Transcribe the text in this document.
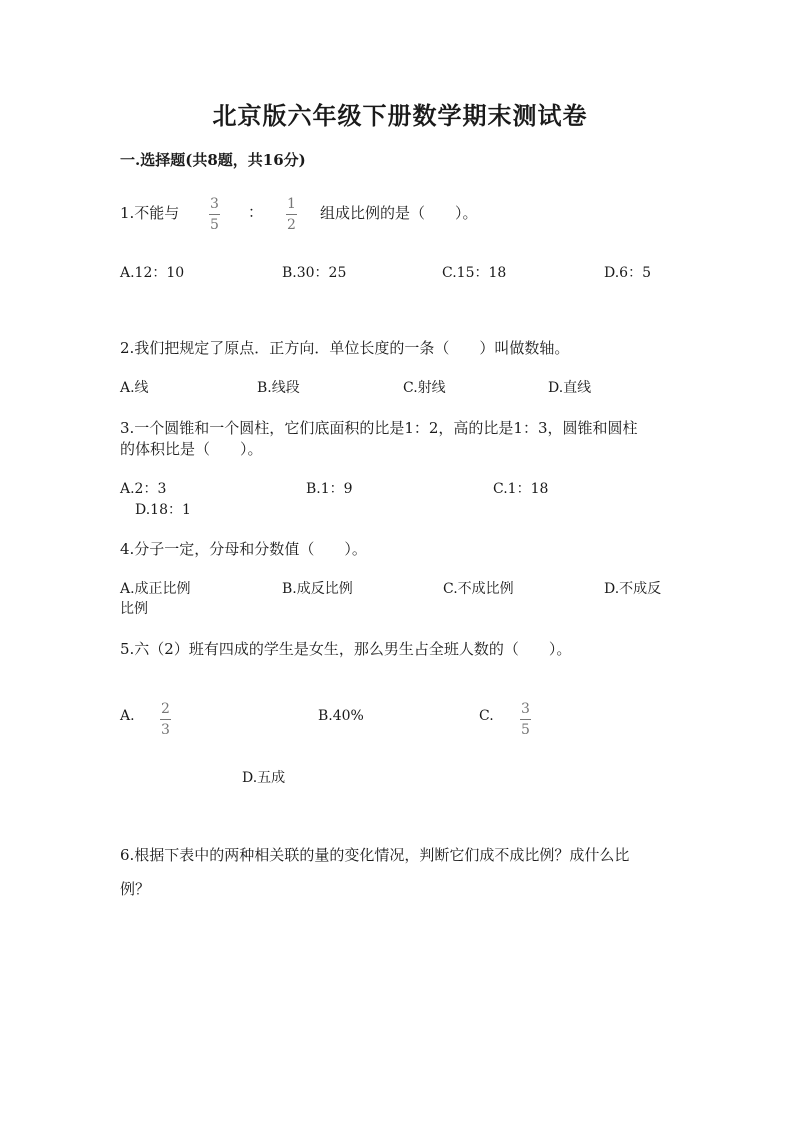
北京版六年级下册数学期末测试卷
一.选择题(共8题，共16分)
1.不能与 3
5
： 1
2
组成比例的是（　　）。
A.12：10	B.30：25	C.15：18	D.6：5
2.我们把规定了原点．正方向．单位长度的一条（　　）叫做数轴。
A.线	B.线段	C.射线	D.直线
3.一个圆锥和一个圆柱，它们底面积的比是1：2，高的比是1：3，圆锥和圆柱
的体积比是（　　）。
A.2：3	B.1：9	C.1：18
D.18：1
4.分子一定，分母和分数值（　　）。
A.成正比例	B.成反比例	C.不成比例	D.不成反
比例
5.六（2）班有四成的学生是女生，那么男生占全班人数的（　　）。
A. 2
3
B.40%	C. 3
5
D.五成
6.根据下表中的两种相关联的量的变化情况，判断它们成不成比例？成什么比
例？
